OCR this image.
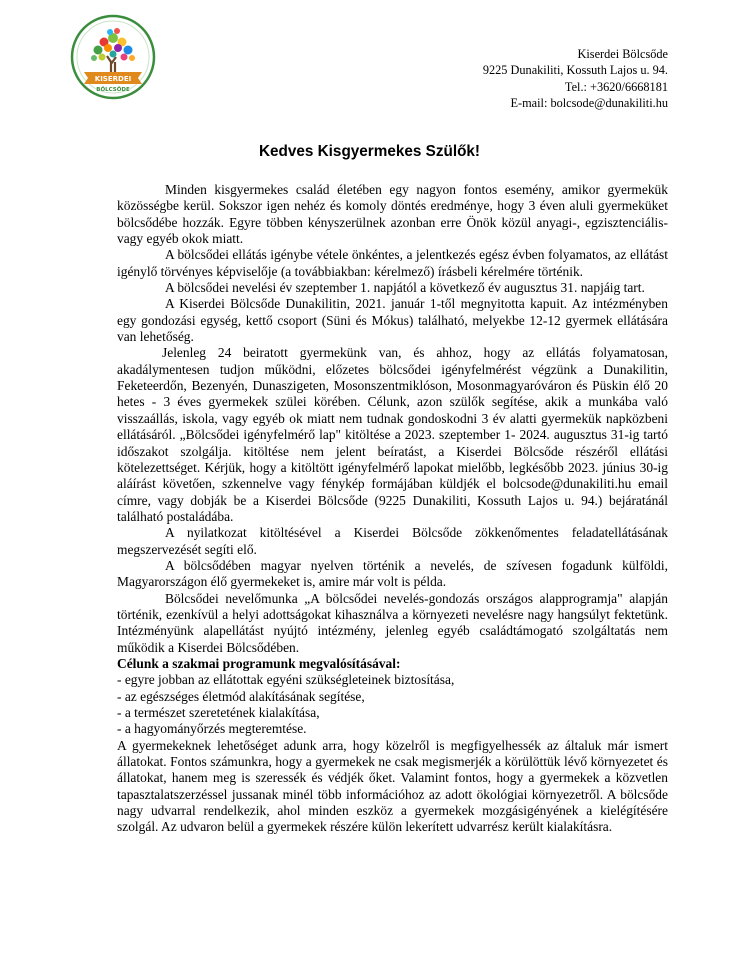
KISERDEI
BÖLCSŐDE
Kiserdei Bölcsőde
9225 Dunakiliti, Kossuth Lajos u. 94.
Tel.: +3620/6668181
E-mail: bolcsode@dunakiliti.hu
Kedves Kisgyermekes Szülők!

Minden kisgyermekes család életében egy nagyon fontos esemény, amikor gyermekük közösségbe kerül. Sokszor igen nehéz és komoly döntés eredménye, hogy 3 éven aluli gyermeküket bölcsődébe hozzák. Egyre többen kényszerülnek azonban erre Önök közül anyagi-, egzisztenciális- vagy egyéb okok miatt.

A bölcsődei ellátás igénybe vétele önkéntes, a jelentkezés egész évben folyamatos, az ellátást igénylő törvényes képviselője (a továbbiakban: kérelmező) írásbeli kérelmére történik.

A bölcsődei nevelési év szeptember 1. napjától a következő év augusztus 31. napjáig tart.

A Kiserdei Bölcsőde Dunakilitin, 2021. január 1-től megnyitotta kapuit. Az intézményben egy gondozási egység, kettő csoport (Süni és Mókus) található, melyekbe 12-12 gyermek ellátására van lehetőség.

Jelenleg 24 beiratott gyermekünk van, és ahhoz, hogy az ellátás folyamatosan, akadálymentesen tudjon működni, előzetes bölcsődei igényfelmérést végzünk a Dunakilitin, Feketeerdőn, Bezenyén, Dunaszigeten, Mosonszentmiklóson, Mosonmagyaróváron és Püskin élő 20 hetes - 3 éves gyermekek szülei körében. Célunk, azon szülők segítése, akik a munkába való visszaállás, iskola, vagy egyéb ok miatt nem tudnak gondoskodni 3 év alatti gyermekük napközbeni ellátásáról. „Bölcsődei igényfelmérő lap" kitöltése a 2023. szeptember 1- 2024. augusztus 31-ig tartó időszakot szolgálja. kitöltése nem jelent beíratást, a Kiserdei Bölcsőde részéről ellátási kötelezettséget. Kérjük, hogy a kitöltött igényfelmérő lapokat mielőbb, legkésőbb 2023. június 30-ig aláírást követően, szkennelve vagy fénykép formájában küldjék el bolcsode@dunakiliti.hu email címre, vagy dobják be a Kiserdei Bölcsőde (9225 Dunakiliti, Kossuth Lajos u. 94.) bejáratánál található postaládába.

A nyilatkozat kitöltésével a Kiserdei Bölcsőde zökkenőmentes feladatellátásának megszervezését segíti elő.

A bölcsődében magyar nyelven történik a nevelés, de szívesen fogadunk külföldi, Magyarországon élő gyermekeket is, amire már volt is példa.

Bölcsődei nevelőmunka „A bölcsődei nevelés-gondozás országos alapprogramja" alapján történik, ezenkívül a helyi adottságokat kihasználva a környezeti nevelésre nagy hangsúlyt fektetünk. Intézményünk alapellátást nyújtó intézmény, jelenleg egyéb családtámogató szolgáltatás nem működik a Kiserdei Bölcsődében.

Célunk a szakmai programunk megvalósításával:

- egyre jobban az ellátottak egyéni szükségleteinek biztosítása,
- az egészséges életmód alakításának segítése,
- a természet szeretetének kialakítása,
- a hagyományőrzés megteremtése.

A gyermekeknek lehetőséget adunk arra, hogy közelről is megfigyelhessék az általuk már ismert állatokat. Fontos számunkra, hogy a gyermekek ne csak megismerjék a körülöttük lévő környezetet és állatokat, hanem meg is szeressék és védjék őket. Valamint fontos, hogy a gyermekek a közvetlen tapasztalatszerzéssel jussanak minél több információhoz az adott ökológiai környezetről. A bölcsőde nagy udvarral rendelkezik, ahol minden eszköz a gyermekek mozgásigényének a kielégítésére szolgál. Az udvaron belül a gyermekek részére külön lekerített udvarrész került kialakításra.
